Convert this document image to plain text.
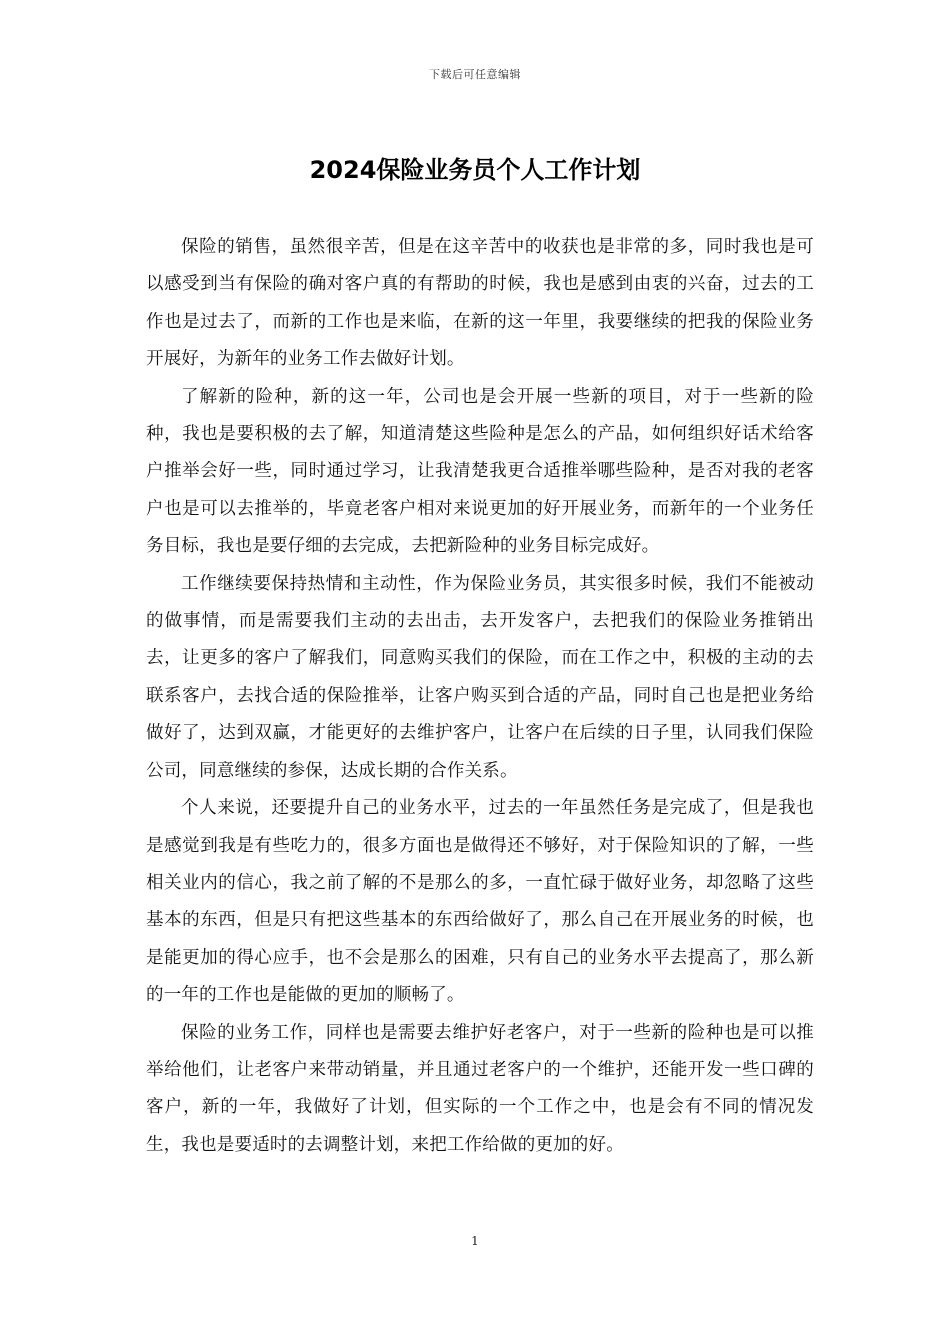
下载后可任意编辑
2024保险业务员个人工作计划

保险的销售，虽然很辛苦，但是在这辛苦中的收获也是非常的多，同时我也是可以感受到当有保险的确对客户真的有帮助的时候，我也是感到由衷的兴奋，过去的工作也是过去了，而新的工作也是来临，在新的这一年里，我要继续的把我的保险业务开展好，为新年的业务工作去做好计划。

了解新的险种，新的这一年，公司也是会开展一些新的项目，对于一些新的险种，我也是要积极的去了解，知道清楚这些险种是怎么的产品，如何组织好话术给客户推举会好一些，同时通过学习，让我清楚我更合适推举哪些险种，是否对我的老客户也是可以去推举的，毕竟老客户相对来说更加的好开展业务，而新年的一个业务任务目标，我也是要仔细的去完成，去把新险种的业务目标完成好。

工作继续要保持热情和主动性，作为保险业务员，其实很多时候，我们不能被动的做事情，而是需要我们主动的去出击，去开发客户，去把我们的保险业务推销出去，让更多的客户了解我们，同意购买我们的保险，而在工作之中，积极的主动的去联系客户，去找合适的保险推举，让客户购买到合适的产品，同时自己也是把业务给做好了，达到双赢，才能更好的去维护客户，让客户在后续的日子里，认同我们保险公司，同意继续的参保，达成长期的合作关系。

个人来说，还要提升自己的业务水平，过去的一年虽然任务是完成了，但是我也是感觉到我是有些吃力的，很多方面也是做得还不够好，对于保险知识的了解，一些相关业内的信心，我之前了解的不是那么的多，一直忙碌于做好业务，却忽略了这些基本的东西，但是只有把这些基本的东西给做好了，那么自己在开展业务的时候，也是能更加的得心应手，也不会是那么的困难，只有自己的业务水平去提高了，那么新的一年的工作也是能做的更加的顺畅了。

保险的业务工作，同样也是需要去维护好老客户，对于一些新的险种也是可以推举给他们，让老客户来带动销量，并且通过老客户的一个维护，还能开发一些口碑的客户，新的一年，我做好了计划，但实际的一个工作之中，也是会有不同的情况发生，我也是要适时的去调整计划，来把工作给做的更加的好。

1
